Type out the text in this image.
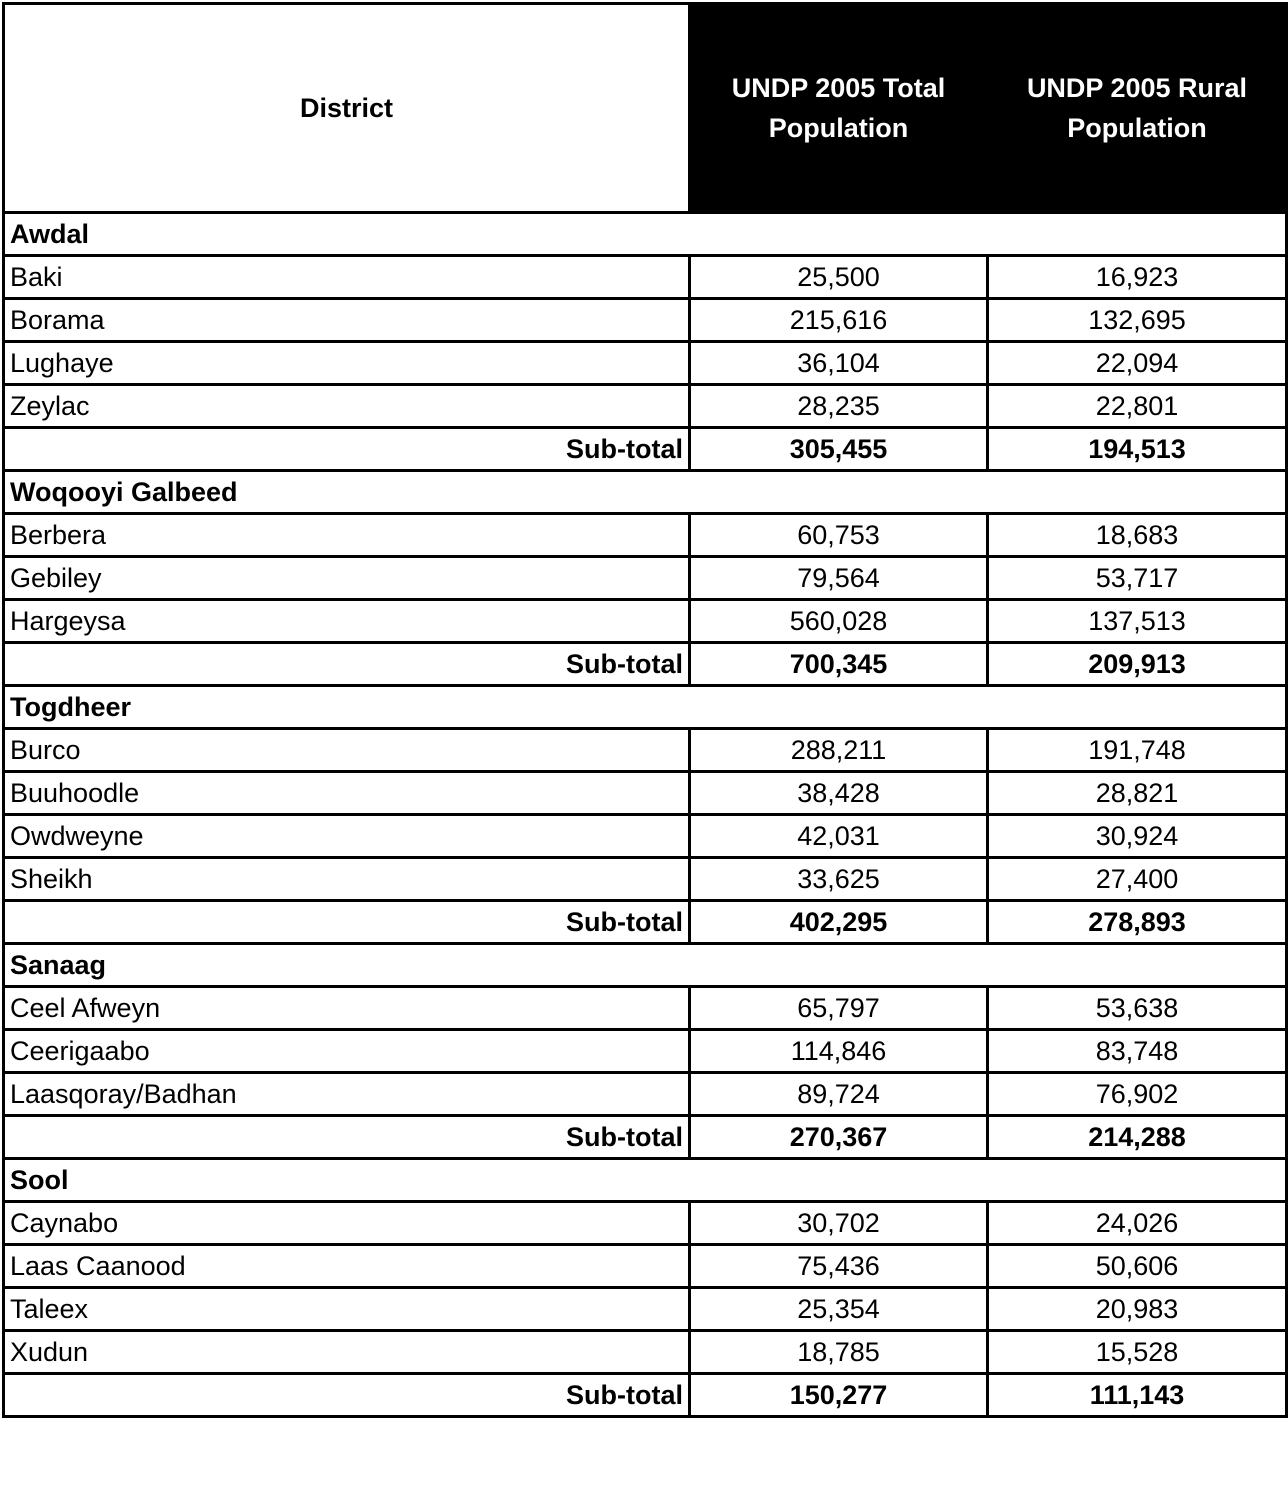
District	UNDP 2005 Total Population	UNDP 2005 Rural Population
Awdal		
Baki	25,500	16,923
Borama	215,616	132,695
Lughaye	36,104	22,094
Zeylac	28,235	22,801
Sub-total	305,455	194,513
Woqooyi Galbeed		
Berbera	60,753	18,683
Gebiley	79,564	53,717
Hargeysa	560,028	137,513
Sub-total	700,345	209,913
Togdheer		
Burco	288,211	191,748
Buuhoodle	38,428	28,821
Owdweyne	42,031	30,924
Sheikh	33,625	27,400
Sub-total	402,295	278,893
Sanaag		
Ceel Afweyn	65,797	53,638
Ceerigaabo	114,846	83,748
Laasqoray/Badhan	89,724	76,902
Sub-total	270,367	214,288
Sool		
Caynabo	30,702	24,026
Laas Caanood	75,436	50,606
Taleex	25,354	20,983
Xudun	18,785	15,528
Sub-total	150,277	111,143
